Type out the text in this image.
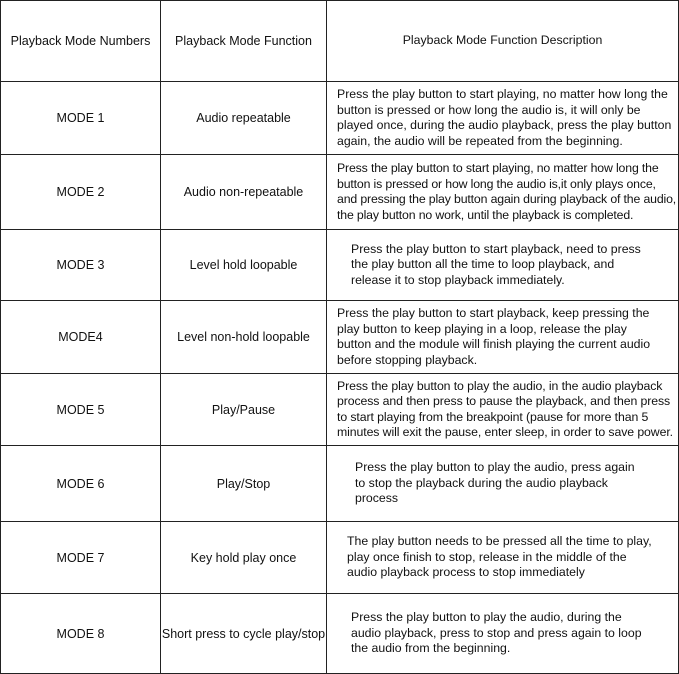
Playback Mode Numbers	Playback Mode Function	Playback Mode Function Description
MODE 1	Audio repeatable	Press the play button to start playing, no matter how long the button is pressed or how long the audio is, it will only be played once, during the audio playback, press the play button again, the audio will be repeated from the beginning.

MODE 2	Audio non-repeatable	Press the play button to start playing, no matter how long the button is pressed or how long the audio is,it only plays once, and pressing the play button again during playback of the audio, the play button no work, until the playback is completed.

MODE 3	Level hold loopable	Press the play button to start playback, need to press the play button all the time to loop playback, and release it to stop playback immediately.

MODE4	Level non-hold loopable	Press the play button to start playback, keep pressing the play button to keep playing in a loop, release the play button and the module will finish playing the current audio before stopping playback.

MODE 5	Play/Pause	Press the play button to play the audio, in the audio playback process and then press to pause the playback, and then press to start playing from the breakpoint (pause for more than 5 minutes will exit the pause, enter sleep, in order to save power.

MODE 6	Play/Stop	Press the play button to play the audio, press again to stop the playback during the audio playback process

MODE 7	Key hold play once	The play button needs to be pressed all the time to play, play once finish to stop, release in the middle of the audio playback process to stop immediately

MODE 8	Short press to cycle play/stop	Press the play button to play the audio, during the audio playback, press to stop and press again to loop the audio from the beginning.
